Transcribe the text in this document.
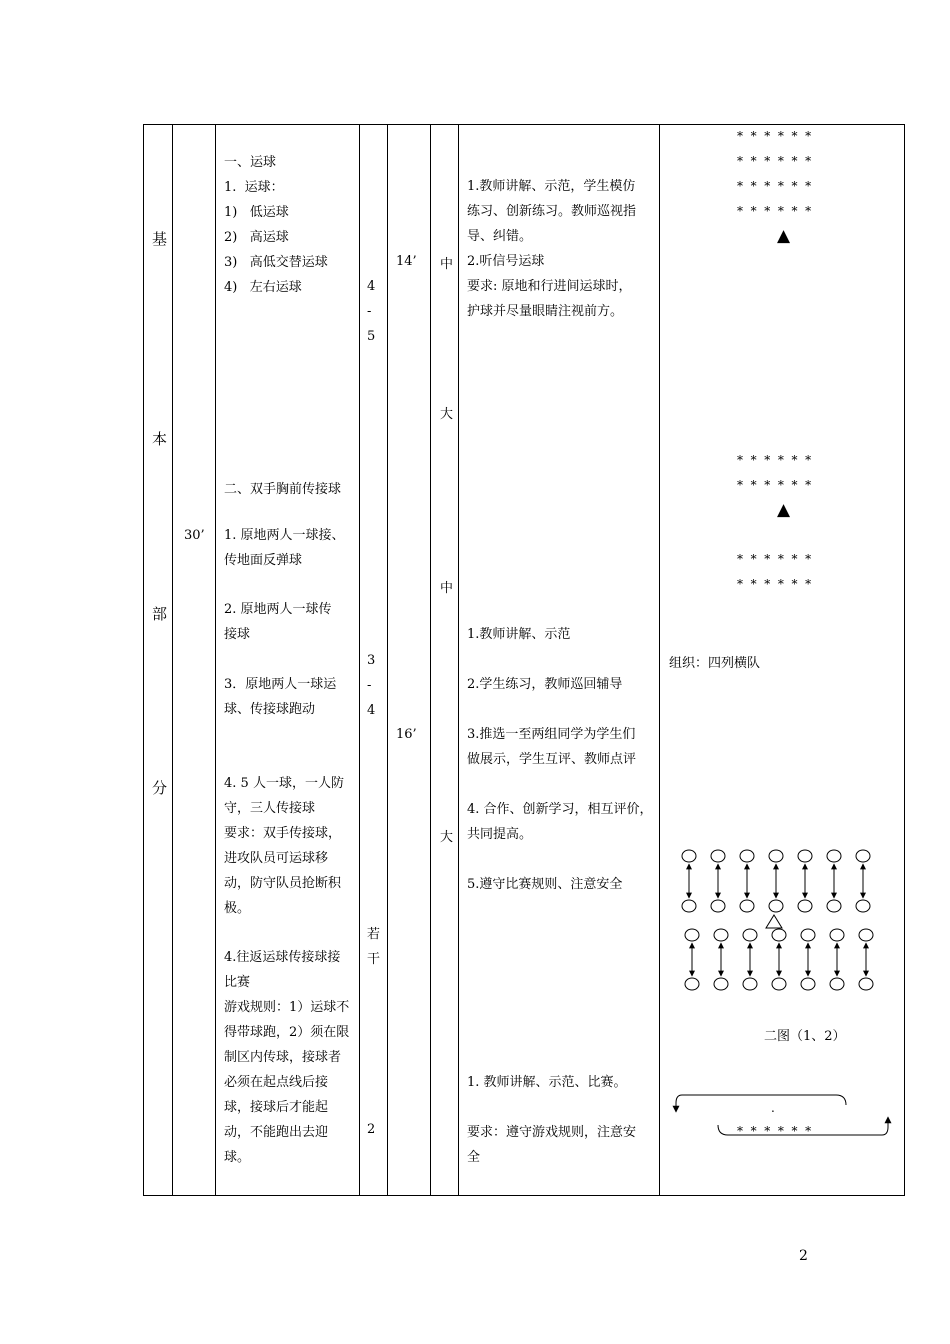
基
本
部
分
30’
一、运球
1.  运球：
1)   低运球
2)   高运球
3)   高低交替运球
4)   左右运球
二、双手胸前传接球
1. 原地两人一球接、
传地面反弹球
2. 原地两人一球传
接球
3．原地两人一球运
球、传接球跑动
4. 5 人一球，一人防
守，三人传接球
要求：双手传接球，
进攻队员可运球移
动，防守队员抢断积
极。
4.往返运球传接球接
比赛
游戏规则：1）运球不
得带球跑，2）须在限
制区内传球，接球者
必须在起点线后接
球，接球后才能起
动，不能跑出去迎
球。
4
-
5
3
-
4
若
干
2
14’
16’
中
大
中
大
1.教师讲解、示范，学生模仿
练习、创新练习。教师巡视指
导、纠错。
2.听信号运球
要求: 原地和行进间运球时，
护球并尽量眼睛注视前方。
1.教师讲解、示范
2.学生练习，教师巡回辅导
3.推选一至两组同学为学生们
做展示，学生互评、教师点评
4. 合作、创新学习，相互评价，
共同提高。
5.遵守比赛规则、注意安全
1. 教师讲解、示范、比赛。
要求：遵守游戏规则，注意安
全
*  *  *  *  *  *
*  *  *  *  *  *
*  *  *  *  *  *
*  *  *  *  *  *
▲
*  *  *  *  *  *
*  *  *  *  *  *
▲
*  *  *  *  *  *
*  *  *  *  *  *
组织：四列横队
二图（1、2）
.
*  *  *  *  *  *
2
